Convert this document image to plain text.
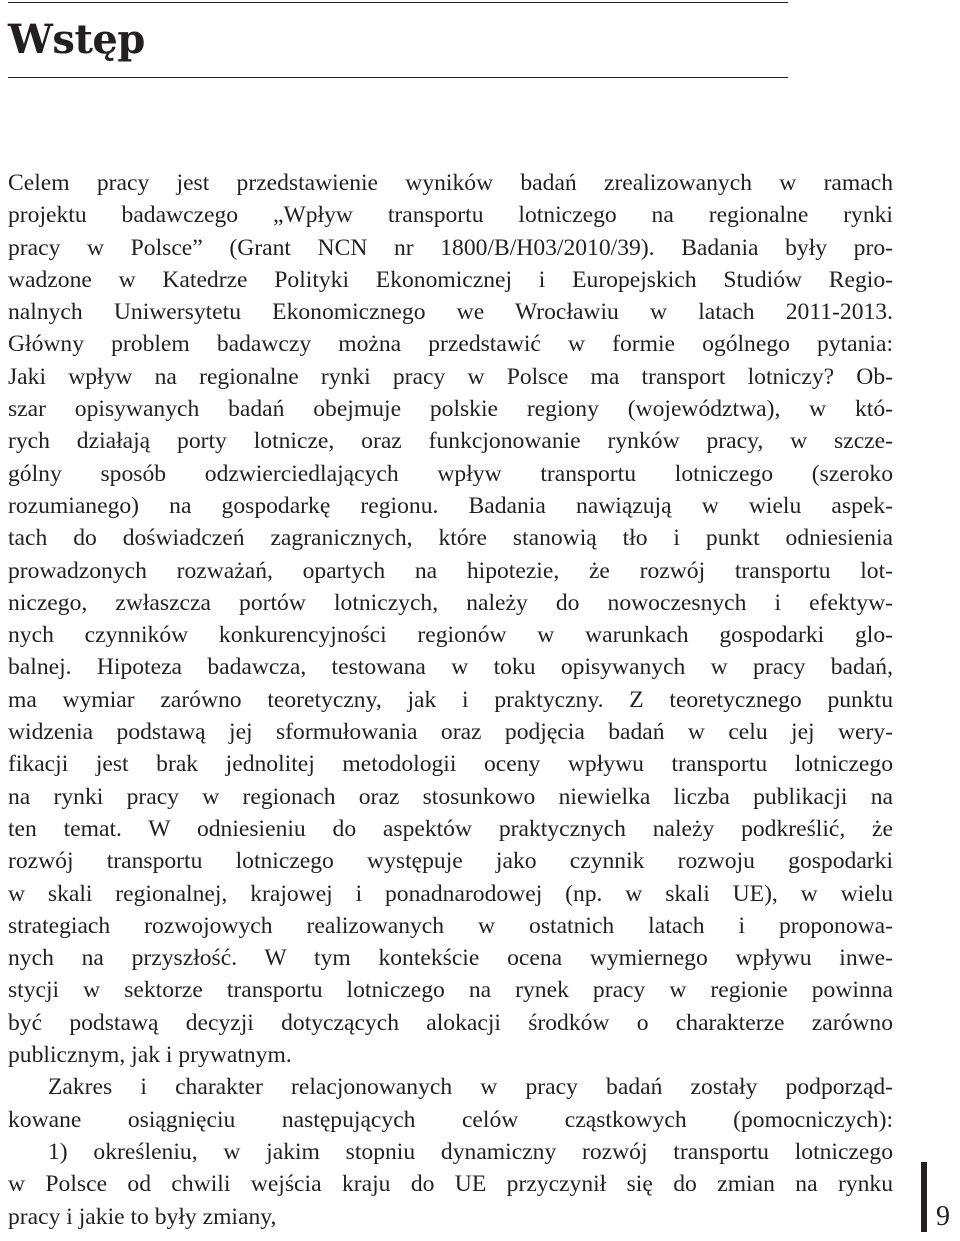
Wstęp
Celem pracy jest przedstawienie wyników badań zrealizowanych w ramach
projektu badawczego „Wpływ transportu lotniczego na regionalne rynki
pracy w Polsce” (Grant NCN nr 1800/B/H03/2010/39). Badania były pro-
wadzone w Katedrze Polityki Ekonomicznej i Europejskich Studiów Regio-
nalnych Uniwersytetu Ekonomicznego we Wrocławiu w latach 2011-2013.
Główny problem badawczy można przedstawić w formie ogólnego pytania:
Jaki wpływ na regionalne rynki pracy w Polsce ma transport lotniczy? Ob-
szar opisywanych badań obejmuje polskie regiony (województwa), w któ-
rych działają porty lotnicze, oraz funkcjonowanie rynków pracy, w szcze-
gólny sposób odzwierciedlających wpływ transportu lotniczego (szeroko
rozumianego) na gospodarkę regionu. Badania nawiązują w wielu aspek-
tach do doświadczeń zagranicznych, które stanowią tło i punkt odniesienia
prowadzonych rozważań, opartych na hipotezie, że rozwój transportu lot-
niczego, zwłaszcza portów lotniczych, należy do nowoczesnych i efektyw-
nych czynników konkurencyjności regionów w warunkach gospodarki glo-
balnej. Hipoteza badawcza, testowana w toku opisywanych w pracy badań,
ma wymiar zarówno teoretyczny, jak i praktyczny. Z teoretycznego punktu
widzenia podstawą jej sformułowania oraz podjęcia badań w celu jej wery-
fikacji jest brak jednolitej metodologii oceny wpływu transportu lotniczego
na rynki pracy w regionach oraz stosunkowo niewielka liczba publikacji na
ten temat. W odniesieniu do aspektów praktycznych należy podkreślić, że
rozwój transportu lotniczego występuje jako czynnik rozwoju gospodarki
w skali regionalnej, krajowej i ponadnarodowej (np. w skali UE), w wielu
strategiach rozwojowych realizowanych w ostatnich latach i proponowa-
nych na przyszłość. W tym kontekście ocena wymiernego wpływu inwe-
stycji w sektorze transportu lotniczego na rynek pracy w regionie powinna
być podstawą decyzji dotyczących alokacji środków o charakterze zarówno
publicznym, jak i prywatnym.
Zakres i charakter relacjonowanych w pracy badań zostały podporząd-
kowane osiągnięciu następujących celów cząstkowych (pomocniczych):
1) określeniu, w jakim stopniu dynamiczny rozwój transportu lotniczego
w Polsce od chwili wejścia kraju do UE przyczynił się do zmian na rynku
pracy i jakie to były zmiany,	9
